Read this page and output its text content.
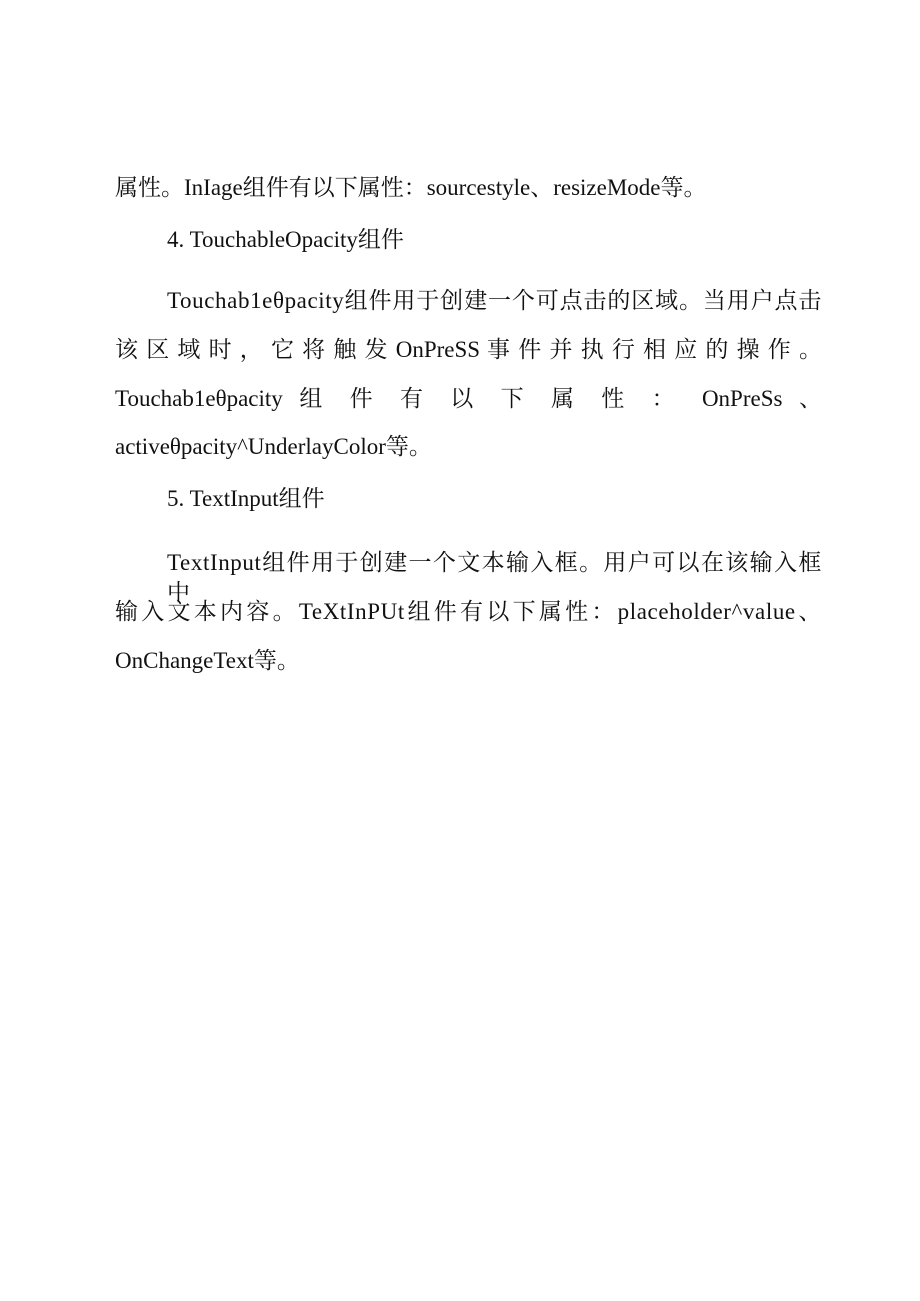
属性。InIage组件有以下属性：sourcestyle、resizeMode等。
4. TouchableOpacity组件
Touchab1eθpacity组件用于创建一个可点击的区域。当用户点击
该 区 域 时 ， 它 将 触 发 OnPreSS 事 件 并 执 行 相 应 的 操 作 。
Touchab1eθpacity 组 件 有 以 下 属 性 ： OnPreSs 、
activeθpacity^UnderlayColor等。
5. TextInput组件
TextInput组件用于创建一个文本输入框。用户可以在该输入框中
输入文本内容。TeXtInPUt组件有以下属性：placeholder^value、
OnChangeText等。
